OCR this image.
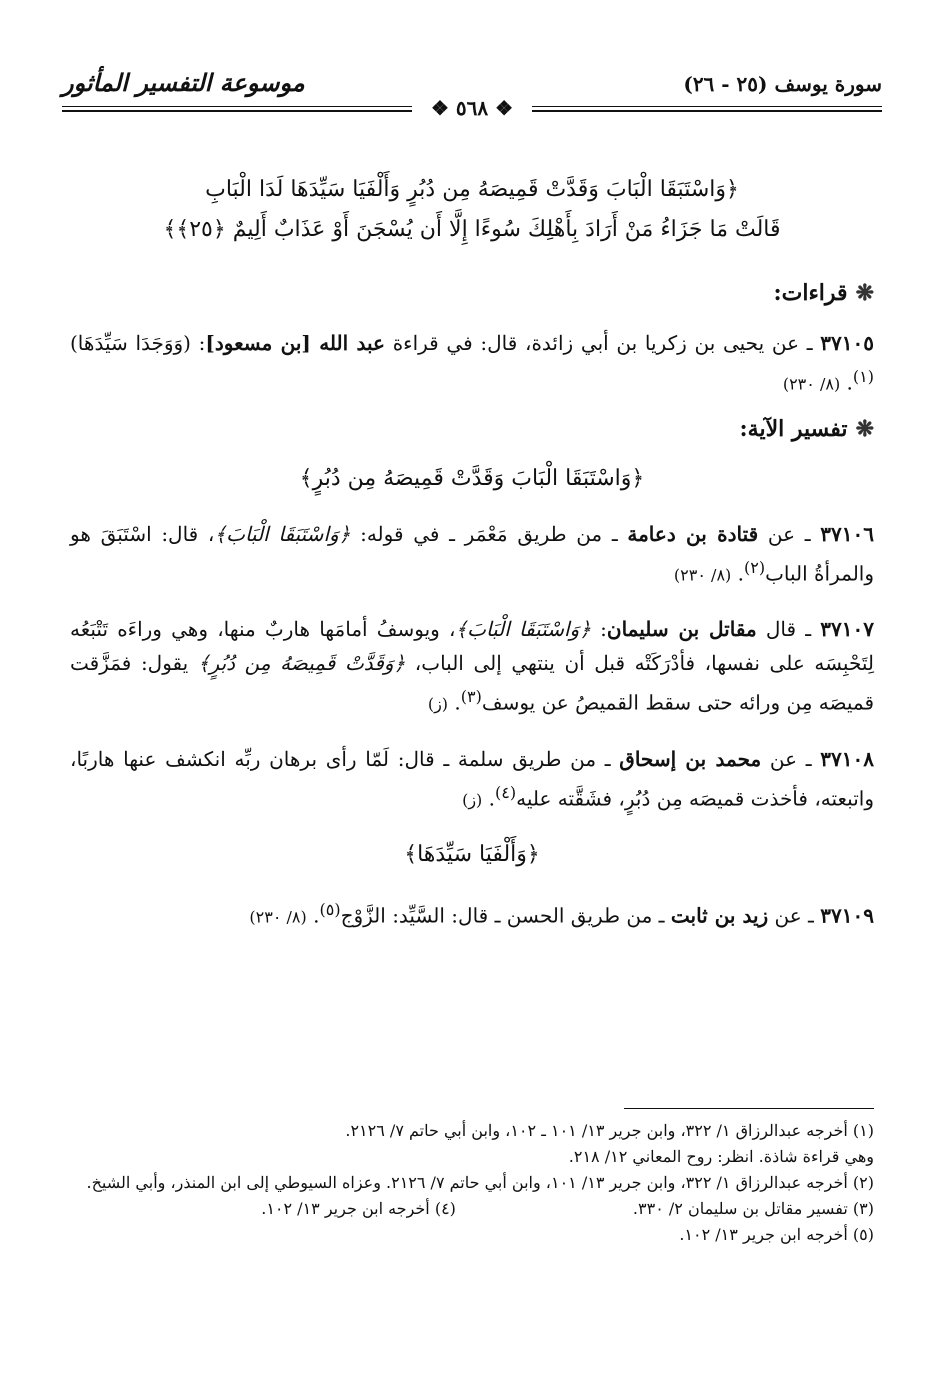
سورة يوسف (٢٥ - ٢٦)
موسوعة التفسير المأثور
❖ ٥٦٨ ❖
﴿وَاسْتَبَقَا الْبَابَ وَقَدَّتْ قَمِيصَهُ مِن دُبُرٍ وَأَلْفَيَا سَيِّدَهَا لَدَا الْبَابِ
قَالَتْ مَا جَزَاءُ مَنْ أَرَادَ بِأَهْلِكَ سُوءًا إِلَّا أَن يُسْجَنَ أَوْ عَذَابٌ أَلِيمٌ ﴿٢٥﴾﴾
❋قراءات:

٣٧١٠٥ ـ عن يحيى بن زكريا بن أبي زائدة، قال: في قراءة عبد الله [بن مسعود]: (وَوَجَدَا سَيِّدَهَا)$^{(١)}$. (٨/ ٢٣٠)

❋تفسير الآية:
﴿وَاسْتَبَقَا الْبَابَ وَقَدَّتْ قَمِيصَهُ مِن دُبُرٍ﴾

٣٧١٠٦ ـ عن قتادة بن دعامة ـ من طريق مَعْمَر ـ في قوله: ﴿وَاسْتَبَقَا الْبَابَ﴾، قال: اسْتَبَقَ هو والمرأةُ الباب$^{(٢)}$. (٨/ ٢٣٠)

٣٧١٠٧ ـ قال مقاتل بن سليمان: ﴿وَاسْتَبَقَا الْبَابَ﴾، ويوسفُ أمامَها هاربٌ منها، وهي وراءَه تَتْبَعُه لِتَحْبِسَه على نفسها، فأدْرَكَتْه قبل أن ينتهي إلى الباب، ﴿وَقَدَّتْ قَمِيصَهُ مِن دُبُرٍ﴾ يقول: فمَزَّقت قميصَه مِن ورائه حتى سقط القميصُ عن يوسف$^{(٣)}$. (ز)

٣٧١٠٨ ـ عن محمد بن إسحاق ـ من طريق سلمة ـ قال: لَمّا رأى برهان ربِّه انكشف عنها هاربًا، واتبعته، فأخذت قميصَه مِن دُبُرٍ، فشَقَّته عليه$^{(٤)}$. (ز)

﴿وَأَلْفَيَا سَيِّدَهَا﴾

٣٧١٠٩ ـ عن زيد بن ثابت ـ من طريق الحسن ـ قال: السَّيِّد: الزَّوْج$^{(٥)}$. (٨/ ٢٣٠)

(١) أخرجه عبدالرزاق ١/ ٣٢٢، وابن جرير ١٣/ ١٠١ ـ ١٠٢، وابن أبي حاتم ٧/ ٢١٢٦.

وهي قراءة شاذة. انظر: روح المعاني ١٢/ ٢١٨.

(٢) أخرجه عبدالرزاق ١/ ٣٢٢، وابن جرير ١٣/ ١٠١، وابن أبي حاتم ٧/ ٢١٢٦. وعزاه السيوطي إلى ابن المنذر، وأبي الشيخ.

(٣) تفسير مقاتل بن سليمان ٢/ ٣٣٠.

(٤) أخرجه ابن جرير ١٣/ ١٠٢.

(٥) أخرجه ابن جرير ١٣/ ١٠٢.
